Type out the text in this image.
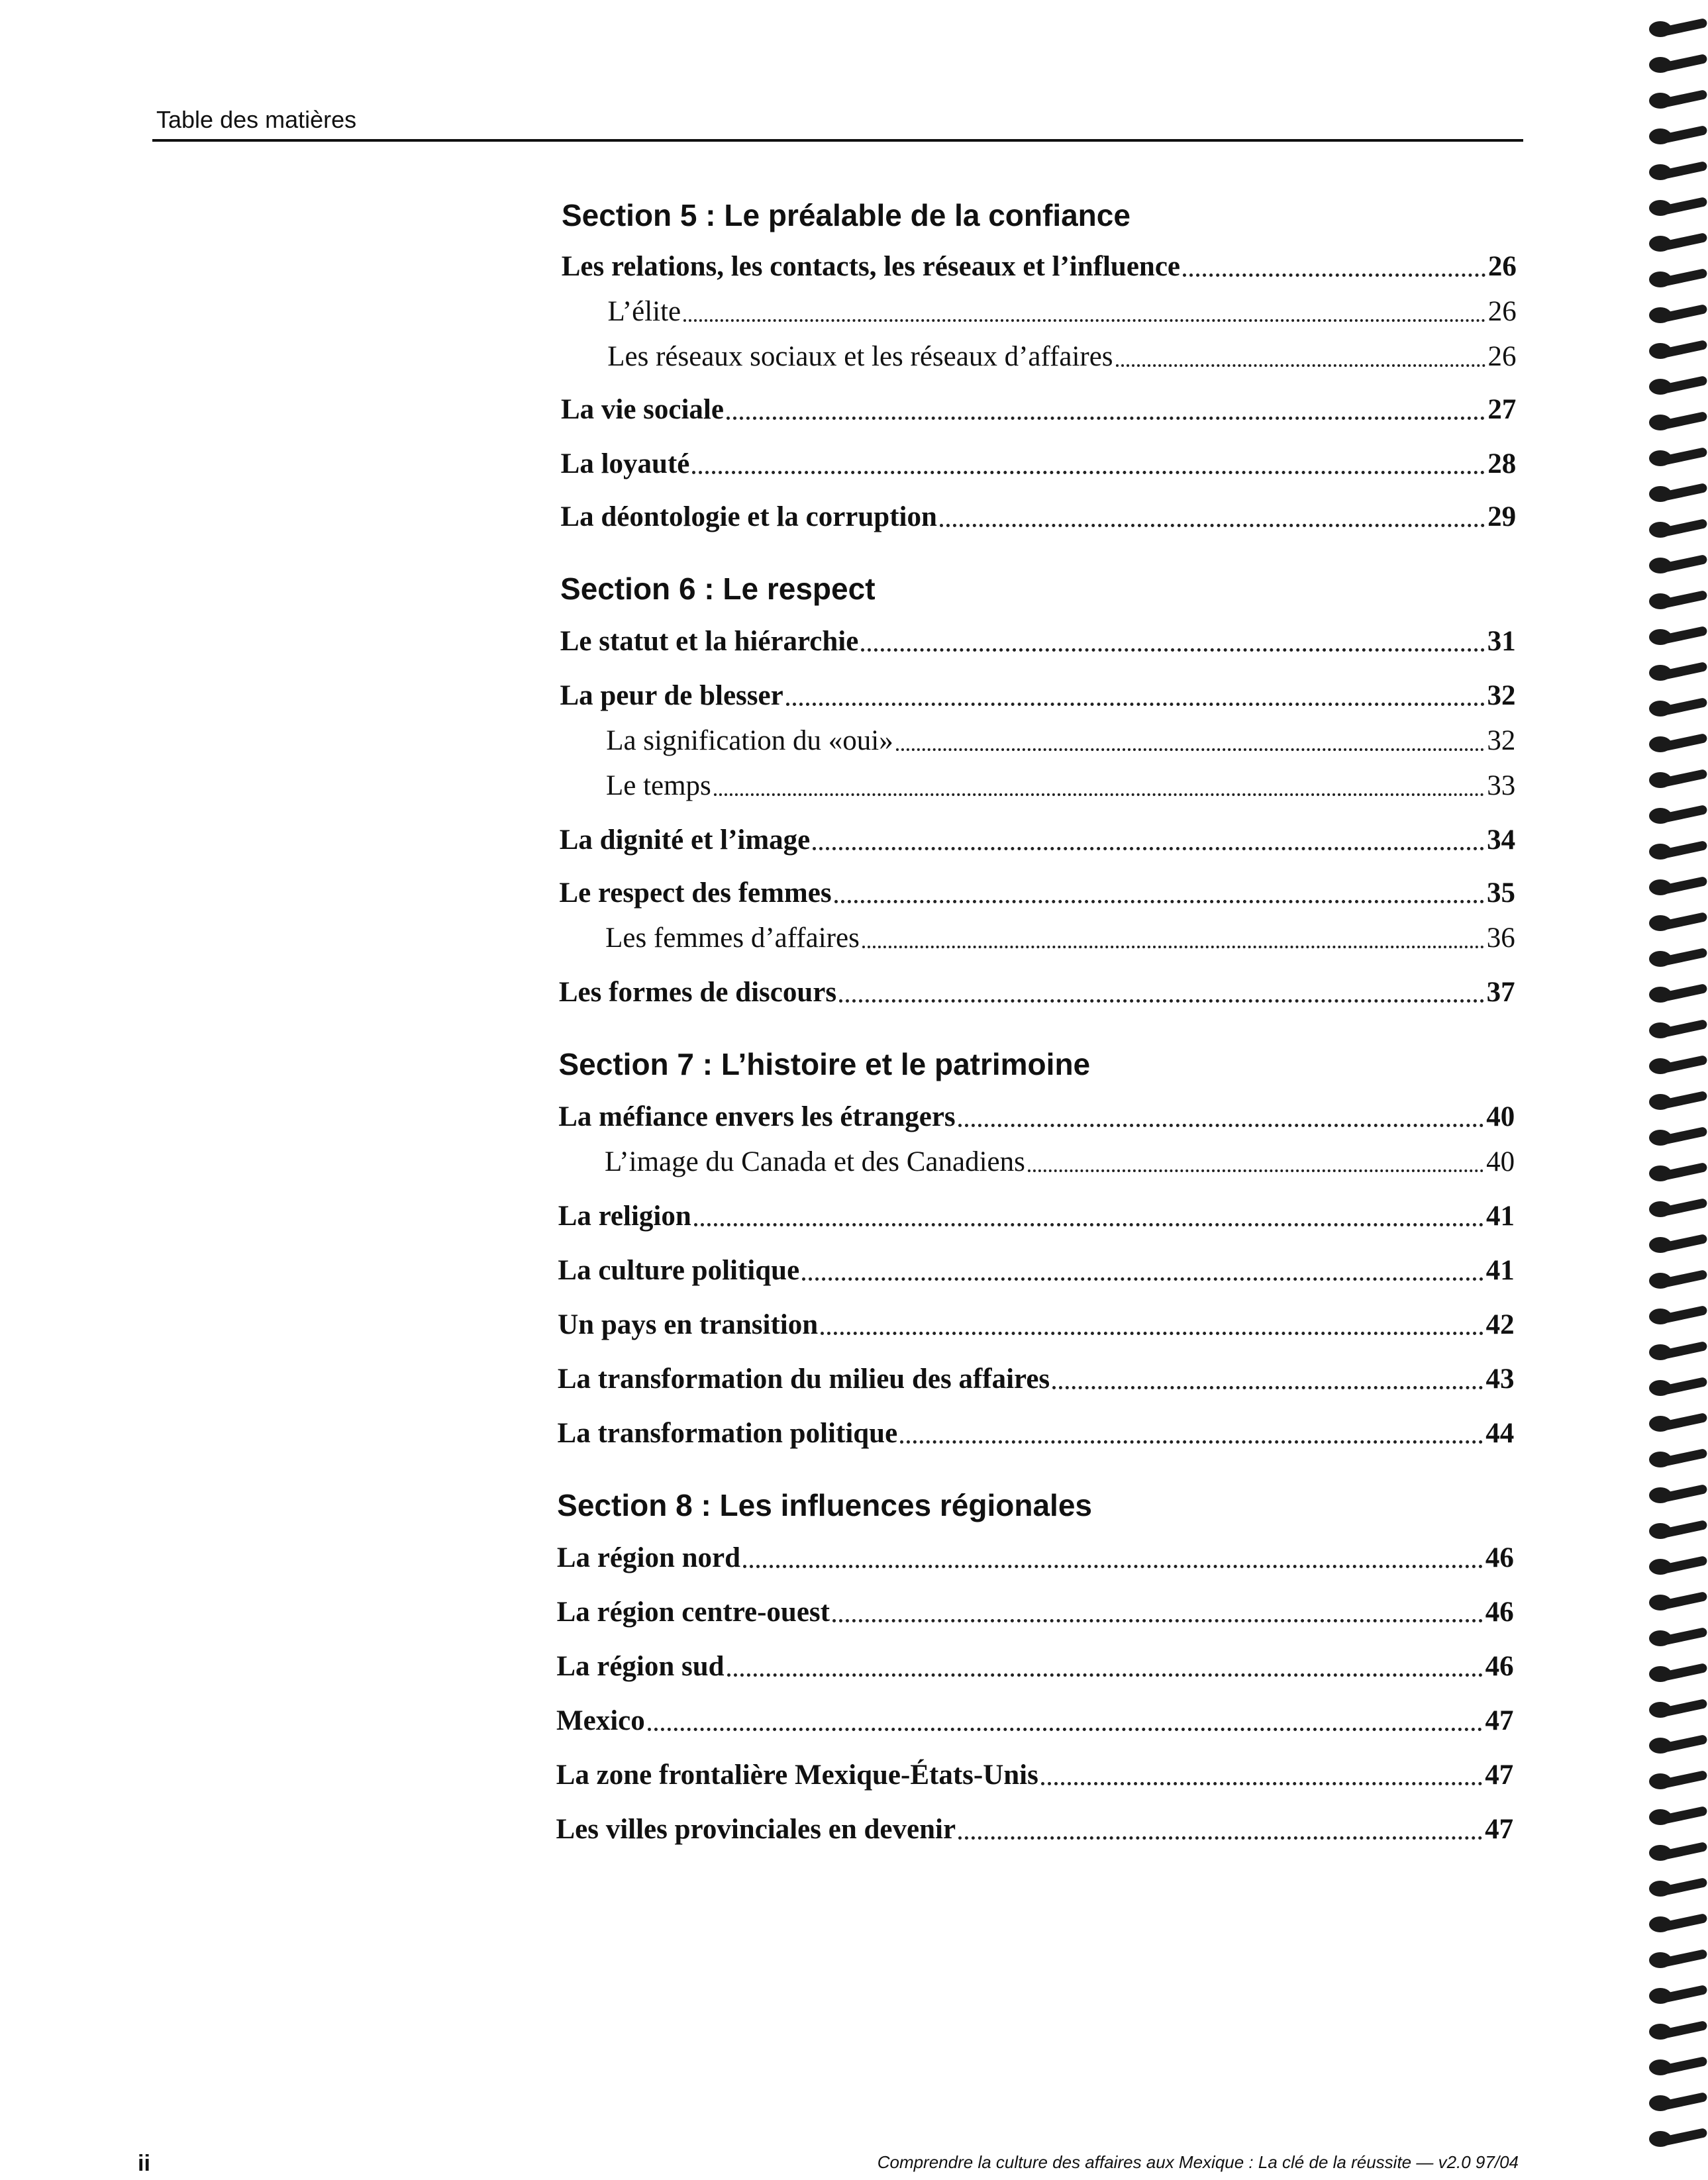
Table des matières
Section 5 : Le préalable de la confiance
Les relations, les contacts, les réseaux et l’influence	26
L’élite	26
Les réseaux sociaux et les réseaux d’affaires	26
La vie sociale	27
La loyauté	28
La déontologie et la corruption	29
Section 6 : Le respect
Le statut et la hiérarchie	31
La peur de blesser	32
La signification du «oui»	32
Le temps	33
La dignité et l’image	34
Le respect des femmes	35
Les femmes d’affaires	36
Les formes de discours	37
Section 7 : L’histoire et le patrimoine
La méfiance envers les étrangers	40
L’image du Canada et des Canadiens	40
La religion	41
La culture politique	41
Un pays en transition	42
La transformation du milieu des affaires	43
La transformation politique	44
Section 8 : Les influences régionales
La région nord	46
La région centre-ouest	46
La région sud	46
Mexico	47
La zone frontalière Mexique-États-Unis	47
Les villes provinciales en devenir	47
ii	Comprendre la culture des affaires aux Mexique : La clé de la réussite — v2.0 97/04
